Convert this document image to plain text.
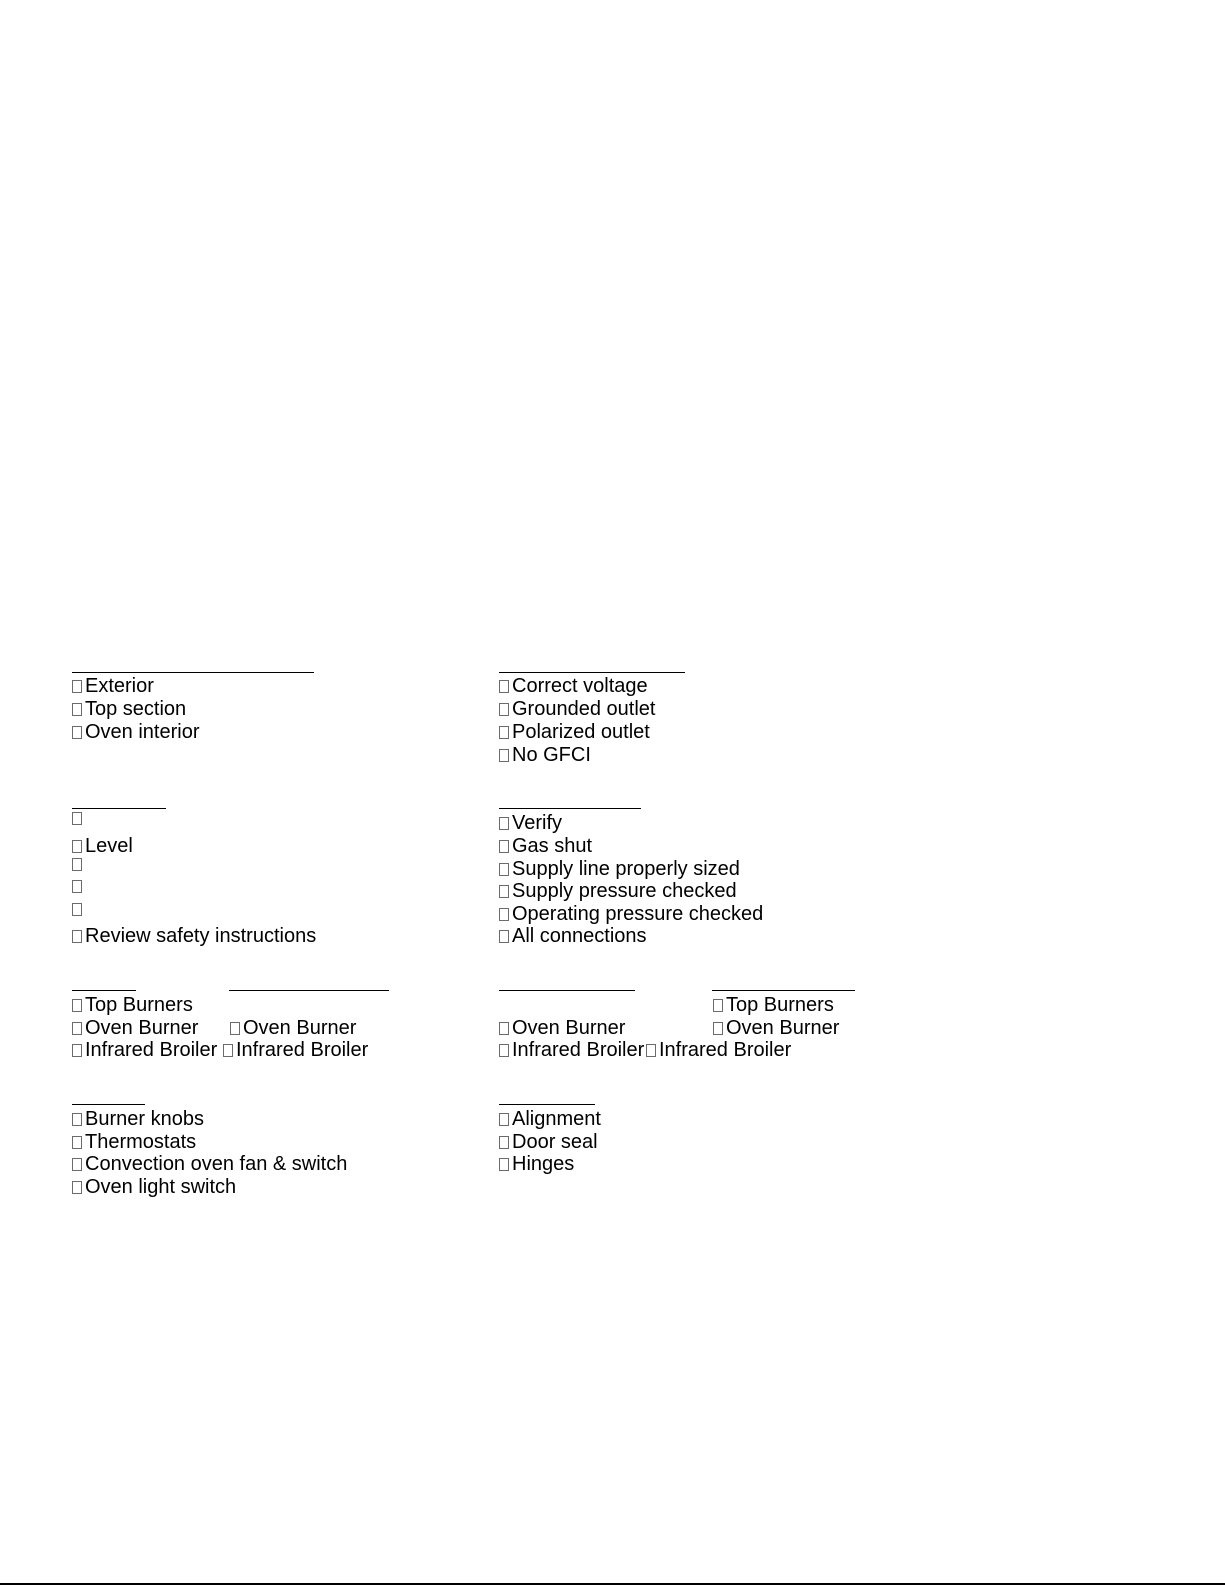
Exterior
Top section
Oven interior
Correct voltage
Grounded outlet
Polarized outlet
No GFCI
Level
Review safety instructions
Verify
Gas shut
Supply line properly sized
Supply pressure checked
Operating pressure checked
All connections
Top Burners
Oven Burner
Infrared Broiler
Oven Burner
Infrared Broiler
Oven Burner
Infrared Broiler
Top Burners
Oven Burner
Infrared Broiler
Burner knobs
Thermostats
Convection oven fan & switch
Oven light switch
Alignment
Door seal
Hinges
